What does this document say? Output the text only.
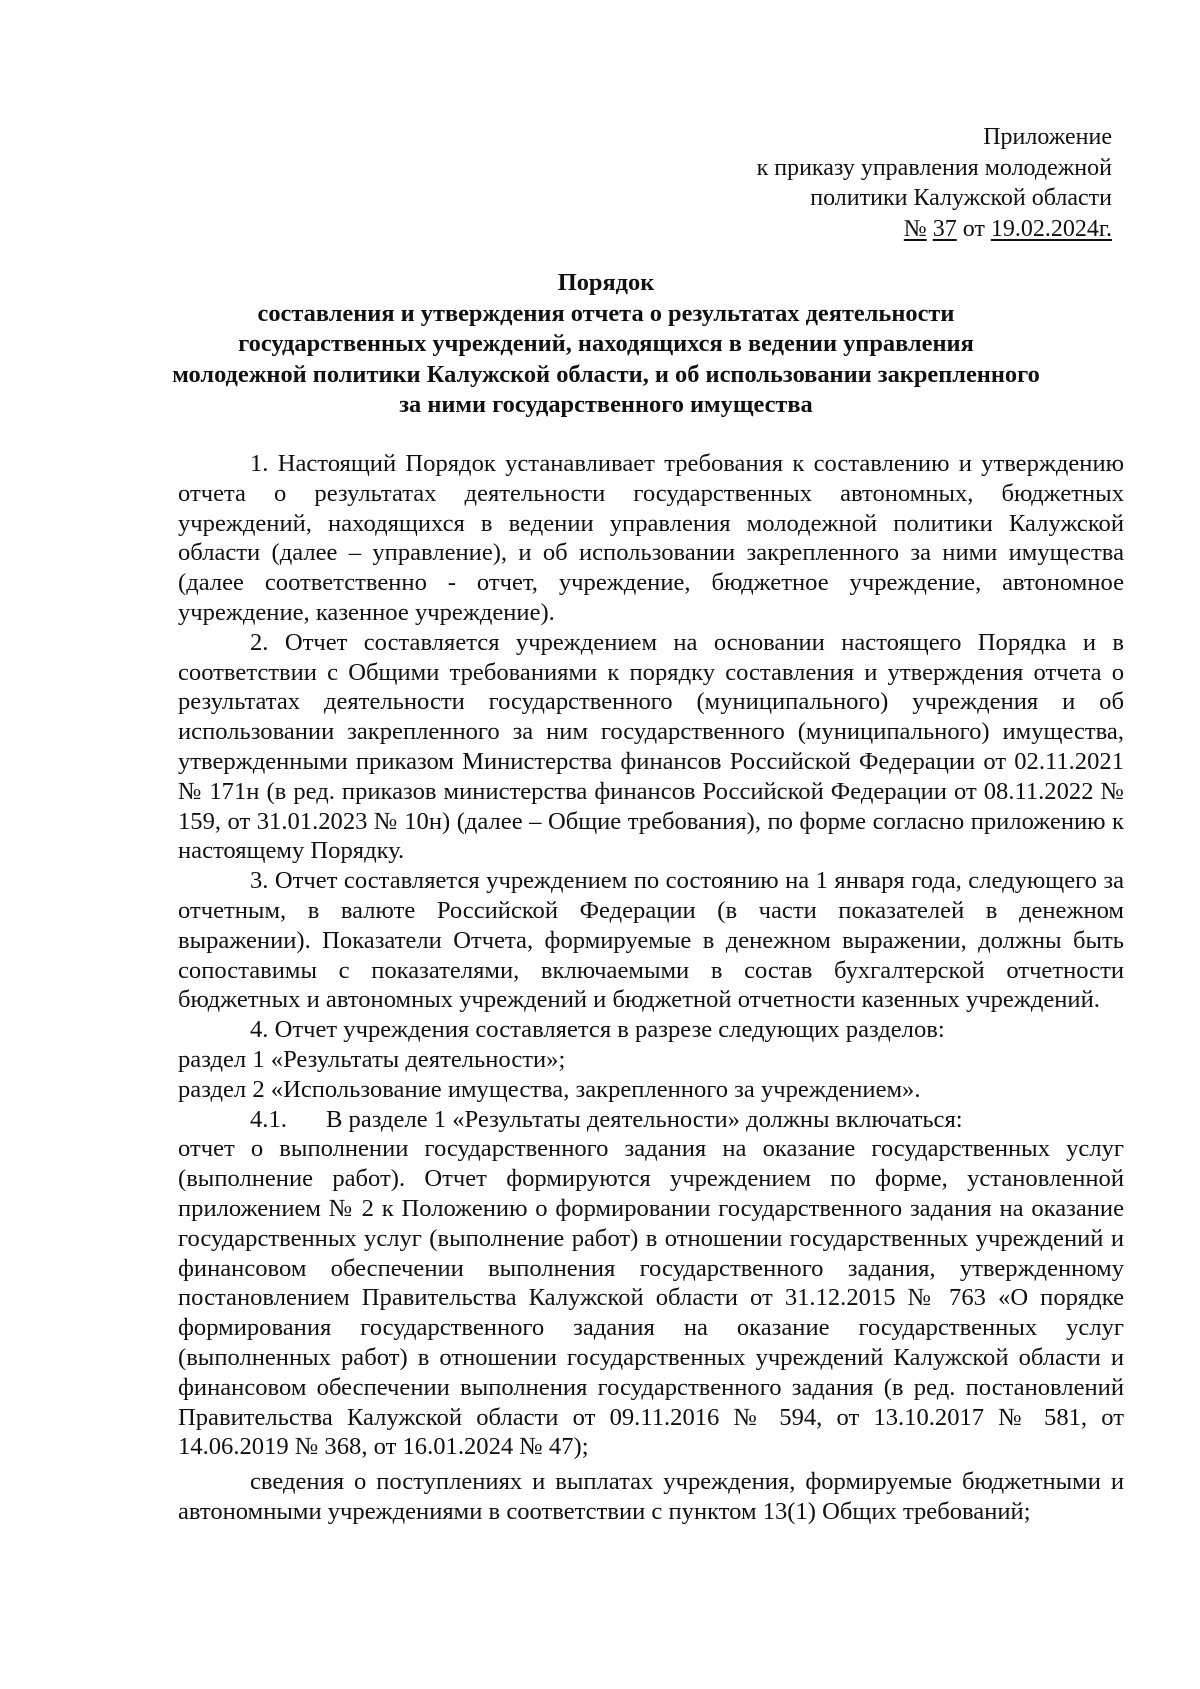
Приложение
к приказу управления молодежной
политики Калужской области
№ 37 от 19.02.2024г.
Порядок
составления и утверждения отчета о результатах деятельности
государственных учреждений, находящихся в ведении управления
молодежной политики Калужской области, и об использовании закрепленного
за ними государственного имущества

1. Настоящий Порядок устанавливает требования к составлению и утверждению отчета о результатах деятельности государственных автономных, бюджетных учреждений, находящихся в ведении управления молодежной политики Калужской области (далее – управление), и об использовании закрепленного за ними имущества (далее соответственно - отчет, учреждение, бюджетное учреждение, автономное учреждение, казенное учреждение).

2. Отчет составляется учреждением на основании настоящего Порядка и в соответствии с Общими требованиями к порядку составления и утверждения отчета о результатах деятельности государственного (муниципального) учреждения и об использовании закрепленного за ним государственного (муниципального) имущества, утвержденными приказом Министерства финансов Российской Федерации от 02.11.2021 № 171н (в ред. приказов министерства финансов Российской Федерации от 08.11.2022 № 159, от 31.01.2023 № 10н) (далее – Общие требования), по форме согласно приложению к настоящему Порядку.

3. Отчет составляется учреждением по состоянию на 1 января года, следующего за отчетным, в валюте Российской Федерации (в части показателей в денежном выражении). Показатели Отчета, формируемые в денежном выражении, должны быть сопоставимы с показателями, включаемыми в состав бухгалтерской отчетности бюджетных и автономных учреждений и бюджетной отчетности казенных учреждений.

4. Отчет учреждения составляется в разрезе следующих разделов:

раздел 1 «Результаты деятельности»;

раздел 2 «Использование имущества, закрепленного за учреждением».

4.1. В разделе 1 «Результаты деятельности» должны включаться:

отчет о выполнении государственного задания на оказание государственных услуг (выполнение работ). Отчет формируются учреждением по форме, установленной приложением № 2 к Положению о формировании государственного задания на оказание государственных услуг (выполнение работ) в отношении государственных учреждений и финансовом обеспечении выполнения государственного задания, утвержденному постановлением Правительства Калужской области от 31.12.2015 № 763 «О порядке формирования государственного задания на оказание государственных услуг (выполненных работ) в отношении государственных учреждений Калужской области и финансовом обеспечении выполнения государственного задания (в ред. постановлений Правительства Калужской области от 09.11.2016 № 594, от 13.10.2017 № 581, от 14.06.2019 № 368, от 16.01.2024 № 47);

сведения о поступлениях и выплатах учреждения, формируемые бюджетными и автономными учреждениями в соответствии с пунктом 13(1) Общих требований;
